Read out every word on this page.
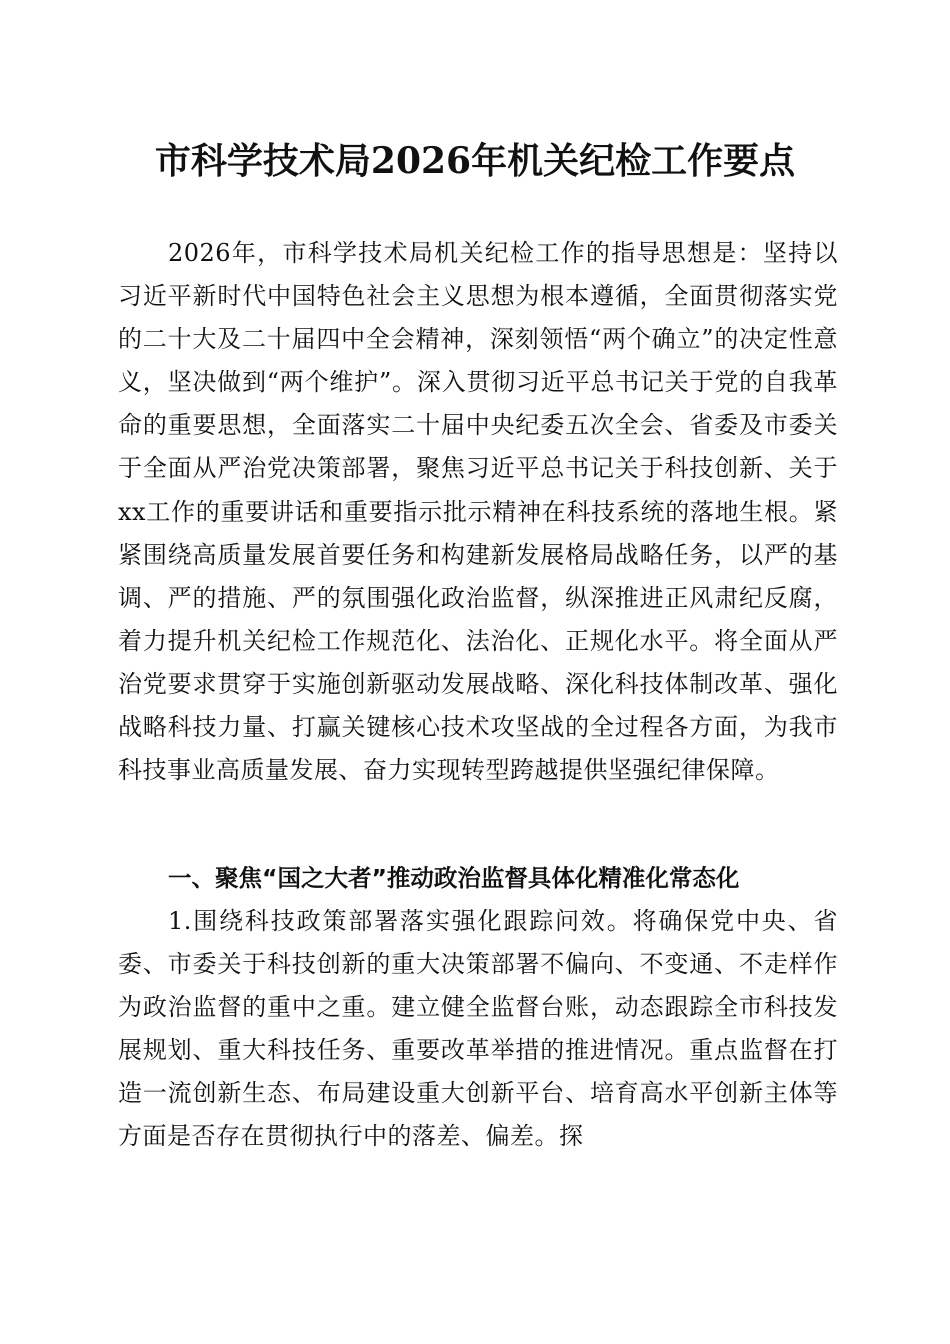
市科学技术局2026年机关纪检工作要点

2026年，市科学技术局机关纪检工作的指导思想是：坚持以习近平新时代中国特色社会主义思想为根本遵循，全面贯彻落实党的二十大及二十届四中全会精神，深刻领悟“两个确立”的决定性意义，坚决做到“两个维护”。深入贯彻习近平总书记关于党的自我革命的重要思想，全面落实二十届中央纪委五次全会、省委及市委关于全面从严治党决策部署，聚焦习近平总书记关于科技创新、关于xx工作的重要讲话和重要指示批示精神在科技系统的落地生根。紧紧围绕高质量发展首要任务和构建新发展格局战略任务，以严的基调、严的措施、严的氛围强化政治监督，纵深推进正风肃纪反腐，着力提升机关纪检工作规范化、法治化、正规化水平。将全面从严治党要求贯穿于实施创新驱动发展战略、深化科技体制改革、强化战略科技力量、打赢关键核心技术攻坚战的全过程各方面，为我市科技事业高质量发展、奋力实现转型跨越提供坚强纪律保障。

一、聚焦“国之大者”推动政治监督具体化精准化常态化

1.围绕科技政策部署落实强化跟踪问效。将确保党中央、省委、市委关于科技创新的重大决策部署不偏向、不变通、不走样作为政治监督的重中之重。建立健全监督台账，动态跟踪全市科技发展规划、重大科技任务、重要改革举措的推进情况。重点监督在打造一流创新生态、布局建设重大创新平台、培育高水平创新主体等方面是否存在贯彻执行中的落差、偏差。探
